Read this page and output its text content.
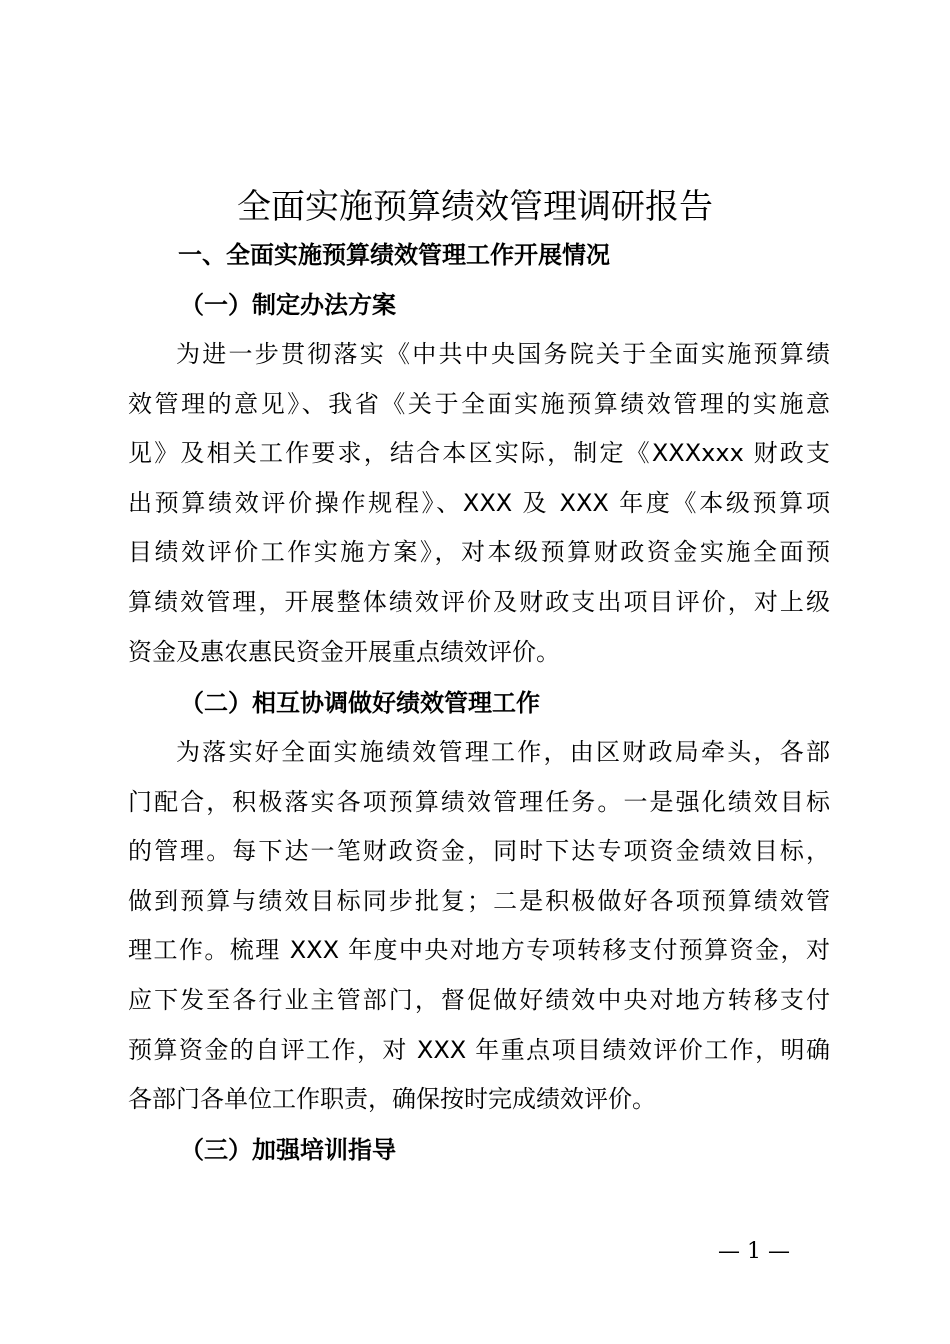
全面实施预算绩效管理调研报告
一、全面实施预算绩效管理工作开展情况
（一）制定办法方案
为进一步贯彻落实《中共中央国务院关于全面实施预算绩
效管理的意见》、我省《关于全面实施预算绩效管理的实施意
见》及相关工作要求，结合本区实际，制定《XXXxxx 财政支
出预算绩效评价操作规程》、XXX 及 XXX 年度《本级预算项
目绩效评价工作实施方案》，对本级预算财政资金实施全面预
算绩效管理，开展整体绩效评价及财政支出项目评价，对上级
资金及惠农惠民资金开展重点绩效评价。
（二）相互协调做好绩效管理工作
为落实好全面实施绩效管理工作，由区财政局牵头，各部
门配合，积极落实各项预算绩效管理任务。一是强化绩效目标
的管理。每下达一笔财政资金，同时下达专项资金绩效目标，
做到预算与绩效目标同步批复；二是积极做好各项预算绩效管
理工作。梳理 XXX 年度中央对地方专项转移支付预算资金，对
应下发至各行业主管部门，督促做好绩效中央对地方转移支付
预算资金的自评工作，对 XXX 年重点项目绩效评价工作，明确
各部门各单位工作职责，确保按时完成绩效评价。
（三）加强培训指导
— 1 —
